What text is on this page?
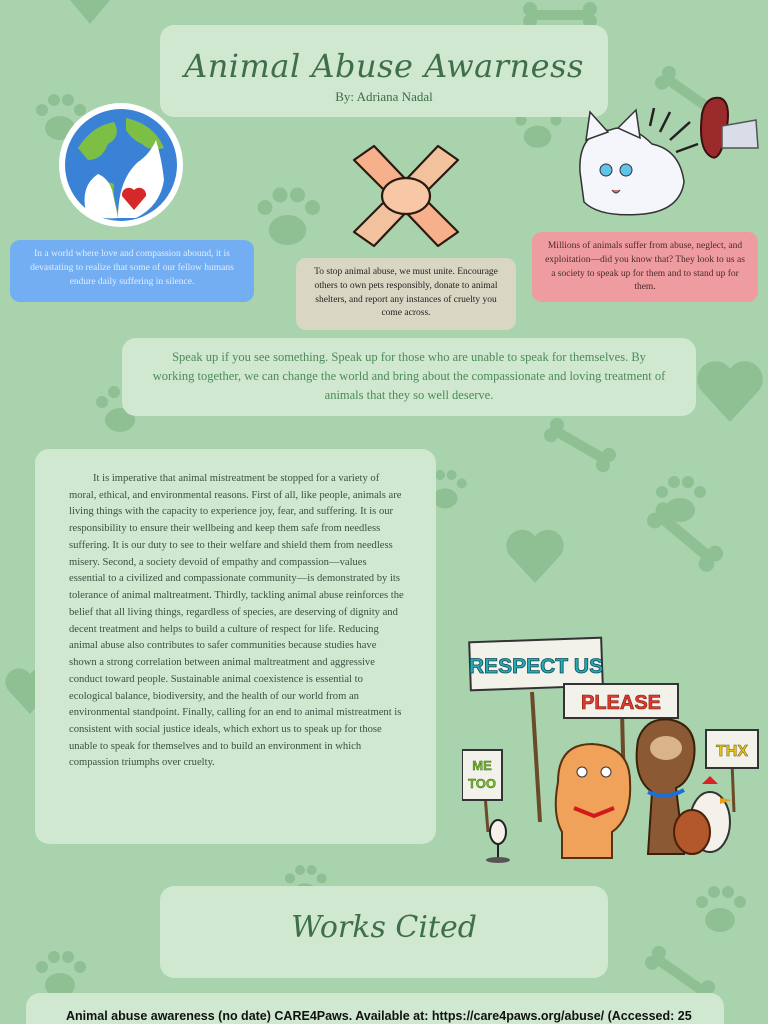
Animal Abuse Awarness
By: Adriana Nadal
In a world where love and compassion abound, it is devastating to realize that some of our fellow humans endure daily suffering in silence.
To stop animal abuse, we must unite. Encourage others to own pets responsibly, donate to animal shelters, and report any instances of cruelty you come across.
Millions of animals suffer from abuse, neglect, and exploitation—did you know that? They look to us as a society to speak up for them and to stand up for them.
Speak up if you see something. Speak up for those who are unable to speak for themselves. By working together, we can change the world and bring about the compassionate and loving treatment of animals that they so well deserve.
It is imperative that animal mistreatment be stopped for a variety of moral, ethical, and environmental reasons. First of all, like people, animals are living things with the capacity to experience joy, fear, and suffering. It is our responsibility to ensure their wellbeing and keep them safe from needless suffering. It is our duty to see to their welfare and shield them from needless misery. Second, a society devoid of empathy and compassion—values essential to a civilized and compassionate community—is demonstrated by its tolerance of animal maltreatment. Thirdly, tackling animal abuse reinforces the belief that all living things, regardless of species, are deserving of dignity and decent treatment and helps to build a culture of respect for life. Reducing animal abuse also contributes to safer communities because studies have shown a strong correlation between animal maltreatment and aggressive conduct toward people. Sustainable animal coexistence is essential to ecological balance, biodiversity, and the health of our world from an environmental standpoint. Finally, calling for an end to animal mistreatment is consistent with social justice ideals, which exhort us to speak up for those unable to speak for themselves and to build an environment in which compassion triumphs over cruelty.
RESPECT US
PLEASE
ME
TOO
THX
Works Cited
Animal abuse awareness (no date) CARE4Paws. Available at: https://care4paws.org/abuse/ (Accessed: 25
